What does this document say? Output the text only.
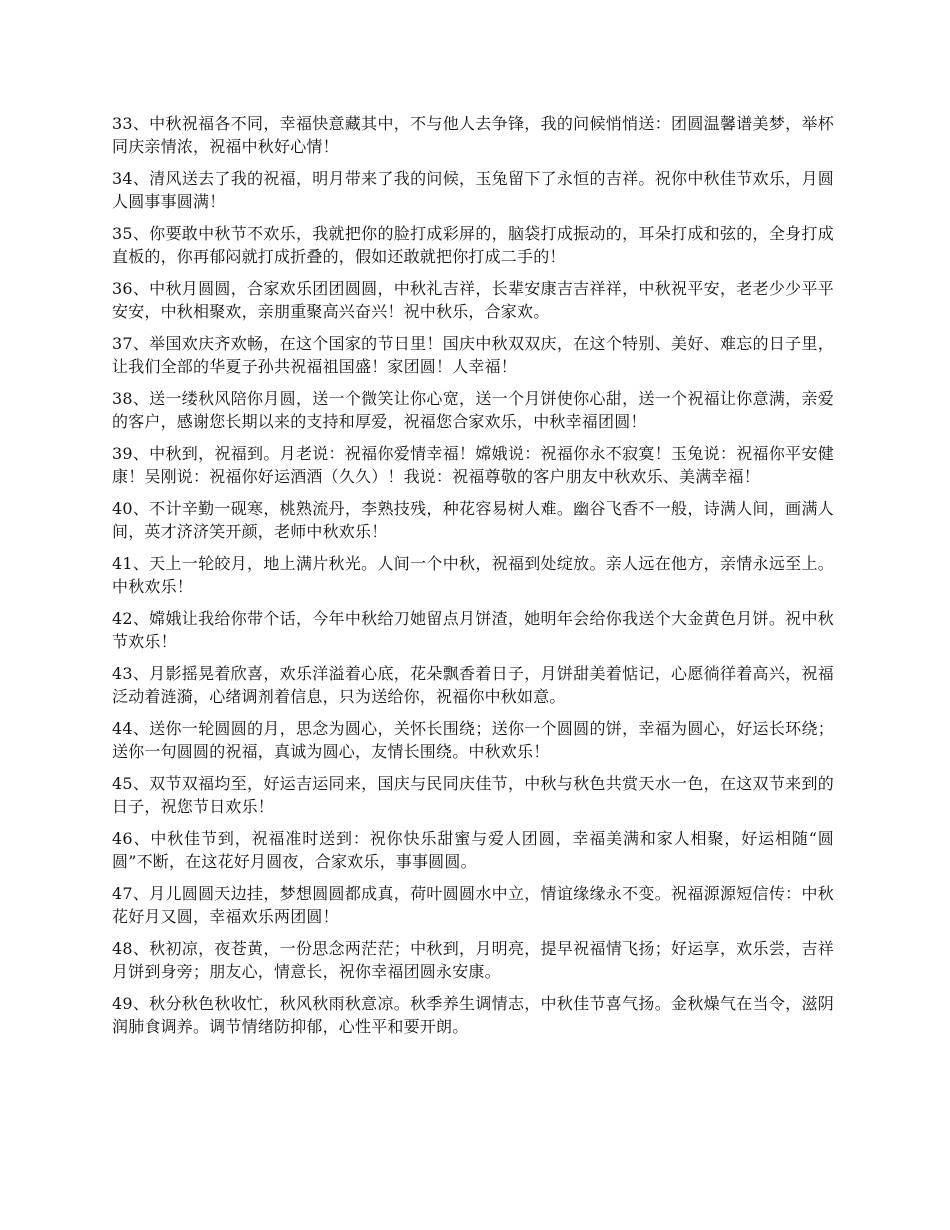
33、中秋祝福各不同，幸福快意藏其中，不与他人去争锋，我的问候悄悄送：团圆温馨谱美梦，举杯同庆亲情浓，祝福中秋好心情！

34、清风送去了我的祝福，明月带来了我的问候，玉兔留下了永恒的吉祥。祝你中秋佳节欢乐，月圆人圆事事圆满！

35、你要敢中秋节不欢乐，我就把你的脸打成彩屏的，脑袋打成振动的，耳朵打成和弦的，全身打成直板的，你再郁闷就打成折叠的，假如还敢就把你打成二手的！

36、中秋月圆圆，合家欢乐团团圆圆，中秋礼吉祥，长辈安康吉吉祥祥，中秋祝平安，老老少少平平安安，中秋相聚欢，亲朋重聚高兴奋兴！祝中秋乐，合家欢。

37、举国欢庆齐欢畅，在这个国家的节日里！国庆中秋双双庆，在这个特别、美好、难忘的日子里，让我们全部的华夏子孙共祝福祖国盛！家团圆！人幸福！

38、送一缕秋风陪你月圆，送一个微笑让你心宽，送一个月饼使你心甜，送一个祝福让你意满，亲爱的客户，感谢您长期以来的支持和厚爱，祝福您合家欢乐，中秋幸福团圆！

39、中秋到，祝福到。月老说：祝福你爱情幸福！嫦娥说：祝福你永不寂寞！玉兔说：祝福你平安健康！吴刚说：祝福你好运酒酒（久久）！我说：祝福尊敬的客户朋友中秋欢乐、美满幸福！

40、不计辛勤一砚寒，桃熟流丹，李熟技残，种花容易树人难。幽谷飞香不一般，诗满人间，画满人间，英才济济笑开颜，老师中秋欢乐！

41、天上一轮皎月，地上满片秋光。人间一个中秋，祝福到处绽放。亲人远在他方，亲情永远至上。中秋欢乐！

42、嫦娥让我给你带个话，今年中秋给刀她留点月饼渣，她明年会给你我送个大金黄色月饼。祝中秋节欢乐！

43、月影摇晃着欣喜，欢乐洋溢着心底，花朵飘香着日子，月饼甜美着惦记，心愿徜徉着高兴，祝福泛动着涟漪，心绪调剂着信息，只为送给你，祝福你中秋如意。

44、送你一轮圆圆的月，思念为圆心，关怀长围绕；送你一个圆圆的饼，幸福为圆心，好运长环绕；送你一句圆圆的祝福，真诚为圆心，友情长围绕。中秋欢乐！

45、双节双福均至，好运吉运同来，国庆与民同庆佳节，中秋与秋色共赏天水一色，在这双节来到的日子，祝您节日欢乐！

46、中秋佳节到，祝福准时送到：祝你快乐甜蜜与爱人团圆，幸福美满和家人相聚，好运相随“圆圆”不断，在这花好月圆夜，合家欢乐，事事圆圆。

47、月儿圆圆天边挂，梦想圆圆都成真，荷叶圆圆水中立，情谊缘缘永不变。祝福源源短信传：中秋花好月又圆，幸福欢乐两团圆！

48、秋初凉，夜苍黄，一份思念两茫茫；中秋到，月明亮，提早祝福情飞扬；好运享，欢乐尝，吉祥月饼到身旁；朋友心，情意长，祝你幸福团圆永安康。

49、秋分秋色秋收忙，秋风秋雨秋意凉。秋季养生调情志，中秋佳节喜气扬。金秋燥气在当令，滋阴润肺食调养。调节情绪防抑郁，心性平和要开朗。
